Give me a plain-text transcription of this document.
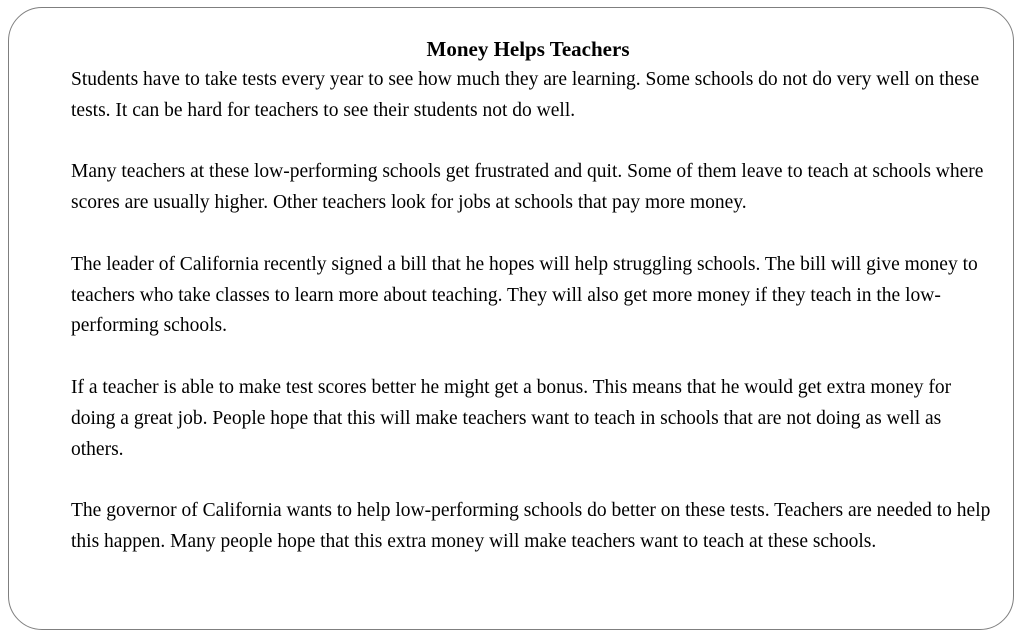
Money Helps Teachers

Students have to take tests every year to see how much they are learning. Some schools do not do very well on these tests. It can be hard for teachers to see their students not do well.

Many teachers at these low-performing schools get frustrated and quit. Some of them leave to teach at schools where scores are usually higher. Other teachers look for jobs at schools that pay more money.

The leader of California recently signed a bill that he hopes will help struggling schools. The bill will give money to teachers who take classes to learn more about teaching. They will also get more money if they teach in the low-performing schools.

If a teacher is able to make test scores better he might get a bonus. This means that he would get extra money for doing a great job. People hope that this will make teachers want to teach in schools that are not doing as well as others.

The governor of California wants to help low-performing schools do better on these tests. Teachers are needed to help this happen. Many people hope that this extra money will make teachers want to teach at these schools.
